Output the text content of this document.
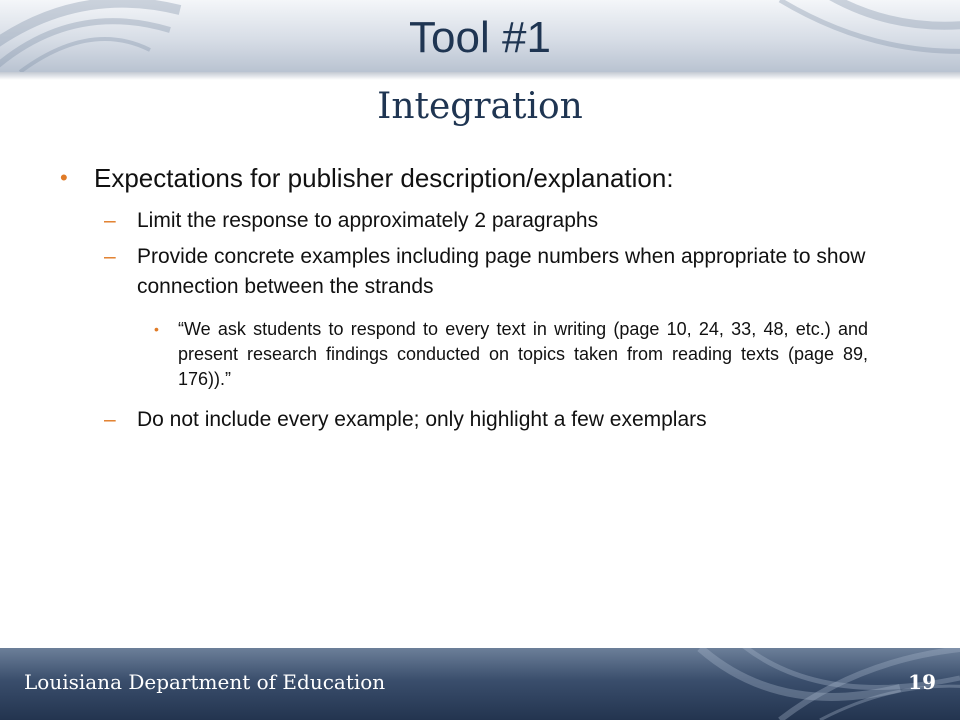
Tool #1
Integration
• Expectations for publisher description/explanation:
– Limit the response to approximately 2 paragraphs
– Provide concrete examples including page numbers when appropriate to show connection between the strands
• “We ask students to respond to every text in writing (page 10, 24, 33, 48, etc.) and present research findings conducted on topics taken from reading texts (page 89, 176)).”
– Do not include every example; only highlight a few exemplars
Louisiana Department of Education	19
